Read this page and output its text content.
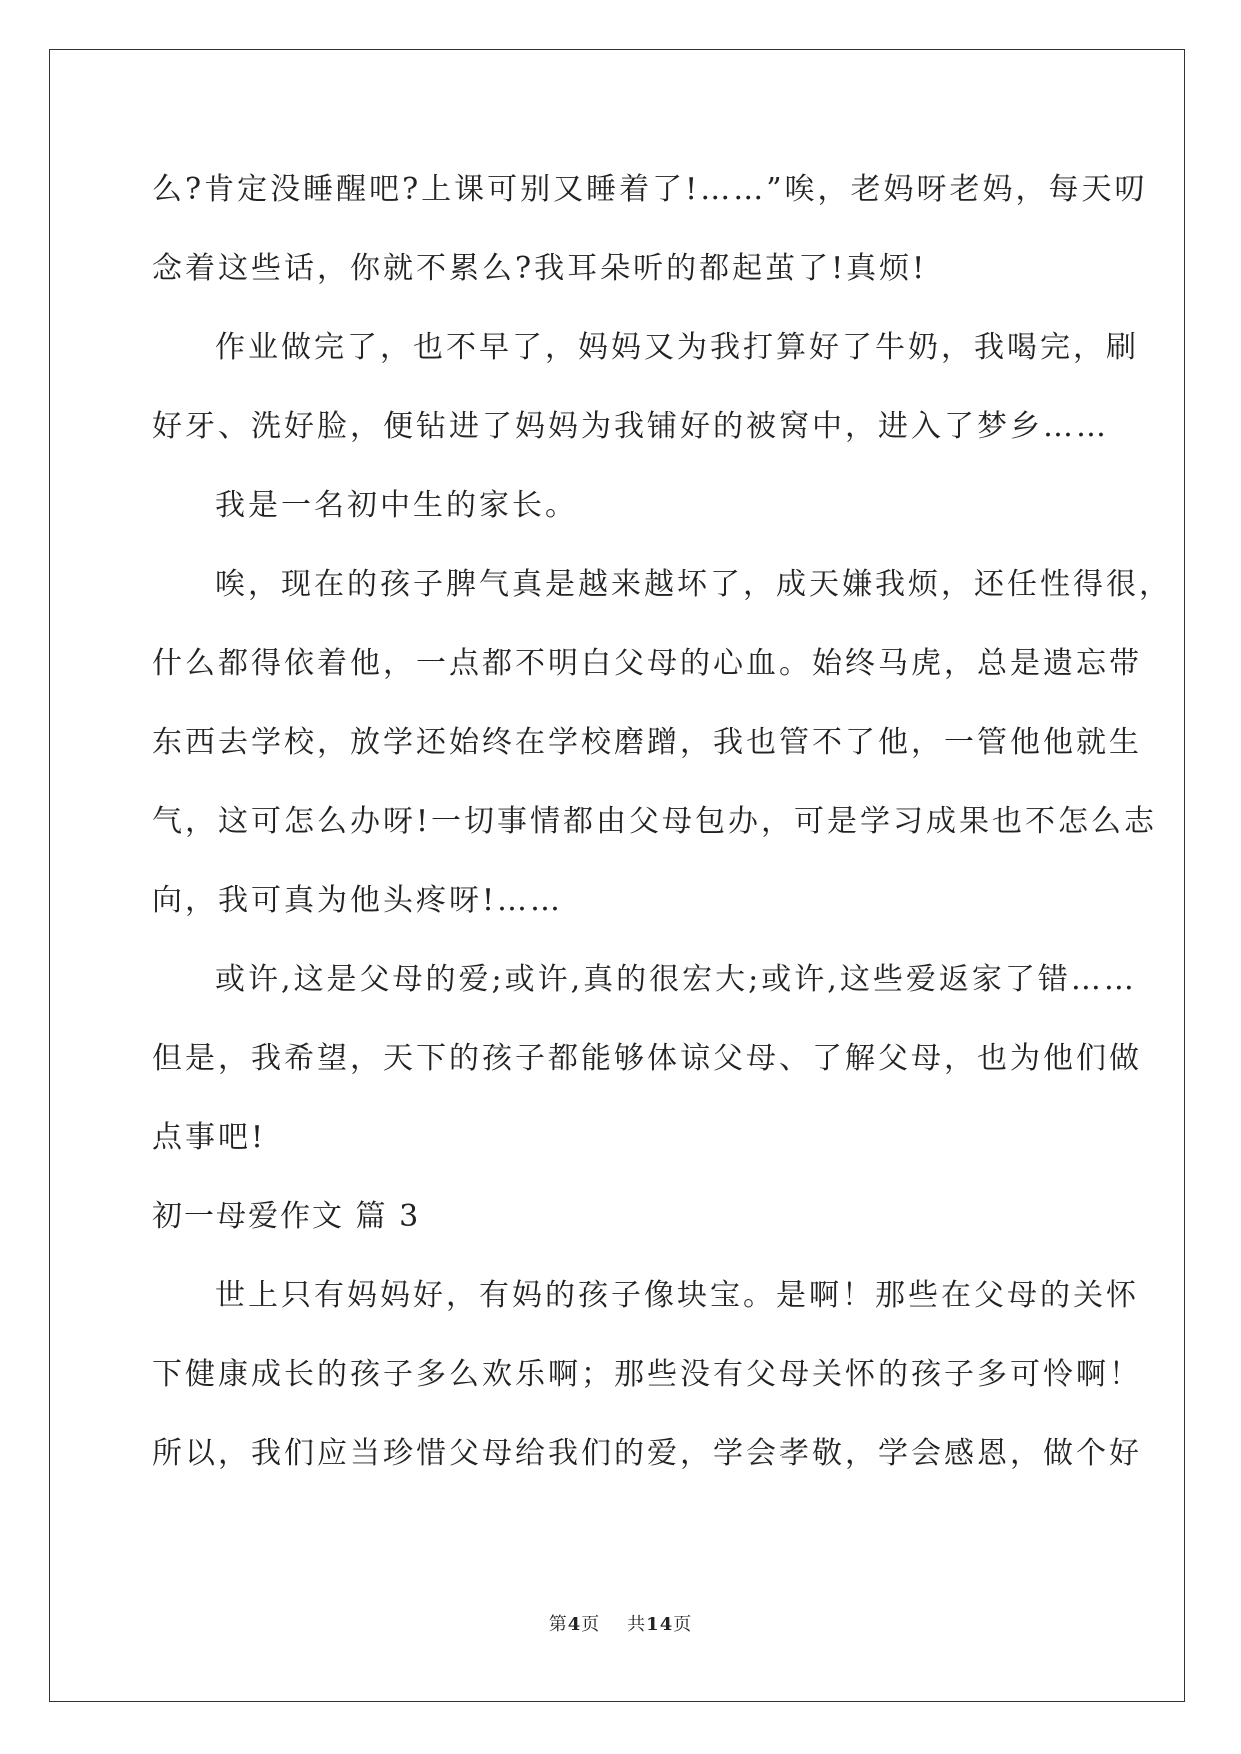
么?肯定没睡醒吧?上课可别又睡着了!……”唉，老妈呀老妈，每天叨
念着这些话，你就不累么?我耳朵听的都起茧了!真烦!
作业做完了，也不早了，妈妈又为我打算好了牛奶，我喝完，刷
好牙、洗好脸，便钻进了妈妈为我铺好的被窝中，进入了梦乡……
我是一名初中生的家长。
唉，现在的孩子脾气真是越来越坏了，成天嫌我烦，还任性得很，
什么都得依着他，一点都不明白父母的心血。始终马虎，总是遗忘带
东西去学校，放学还始终在学校磨蹭，我也管不了他，一管他他就生
气，这可怎么办呀!一切事情都由父母包办，可是学习成果也不怎么志
向，我可真为他头疼呀!……
或许,这是父母的爱;或许,真的很宏大;或许,这些爱返家了错……
但是，我希望，天下的孩子都能够体谅父母、了解父母，也为他们做
点事吧!
初一母爱作文 篇 3
世上只有妈妈好，有妈的孩子像块宝。是啊！那些在父母的关怀
下健康成长的孩子多么欢乐啊；那些没有父母关怀的孩子多可怜啊！
所以，我们应当珍惜父母给我们的爱，学会孝敬，学会感恩，做个好
第4页 共14页
